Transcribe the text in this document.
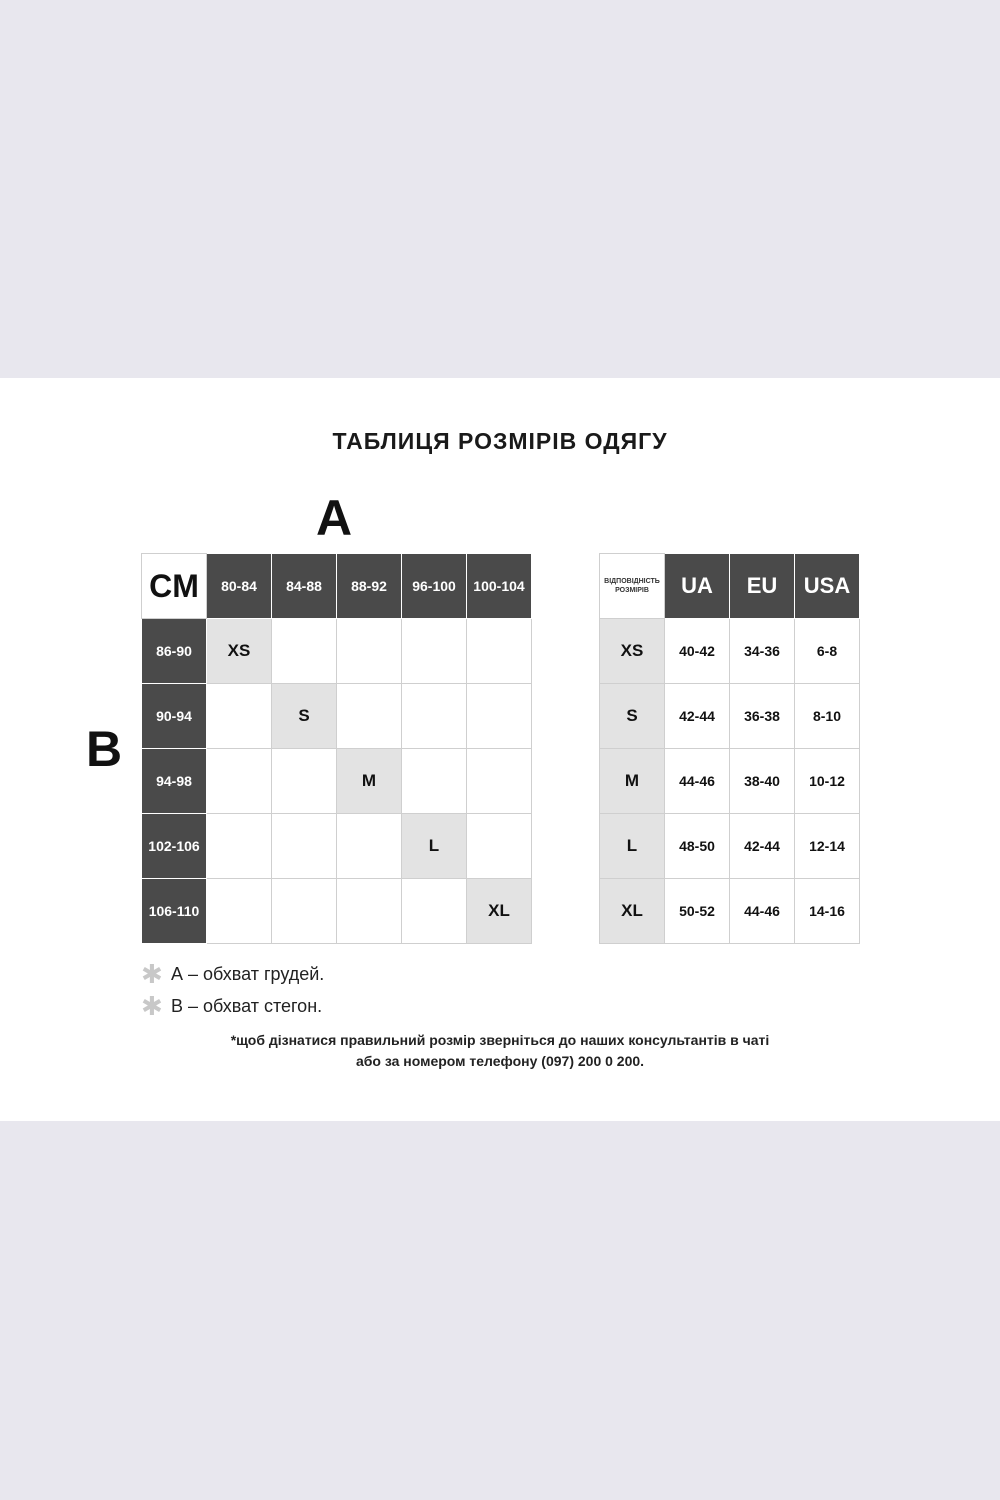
ТАБЛИЦЯ РОЗМІРІВ ОДЯГУ
A
B
CM	80-84	84-88	88-92	96-100	100-104
86-90	XS				
90-94		S			
94-98			M		
102-106				L	
106-110					XL
ВІДПОВІДНІСТЬ
РОЗМІРІВ	UA	EU	USA
XS	40-42	34-36	6-8
S	42-44	36-38	8-10
M	44-46	38-40	10-12
L	48-50	42-44	12-14
XL	50-52	44-46	14-16
✱ А – обхват грудей.
✱ В – обхват стегон.
*щоб дізнатися правильний розмір зверніться до наших консультантів в чаті
або за номером телефону (097) 200 0 200.
